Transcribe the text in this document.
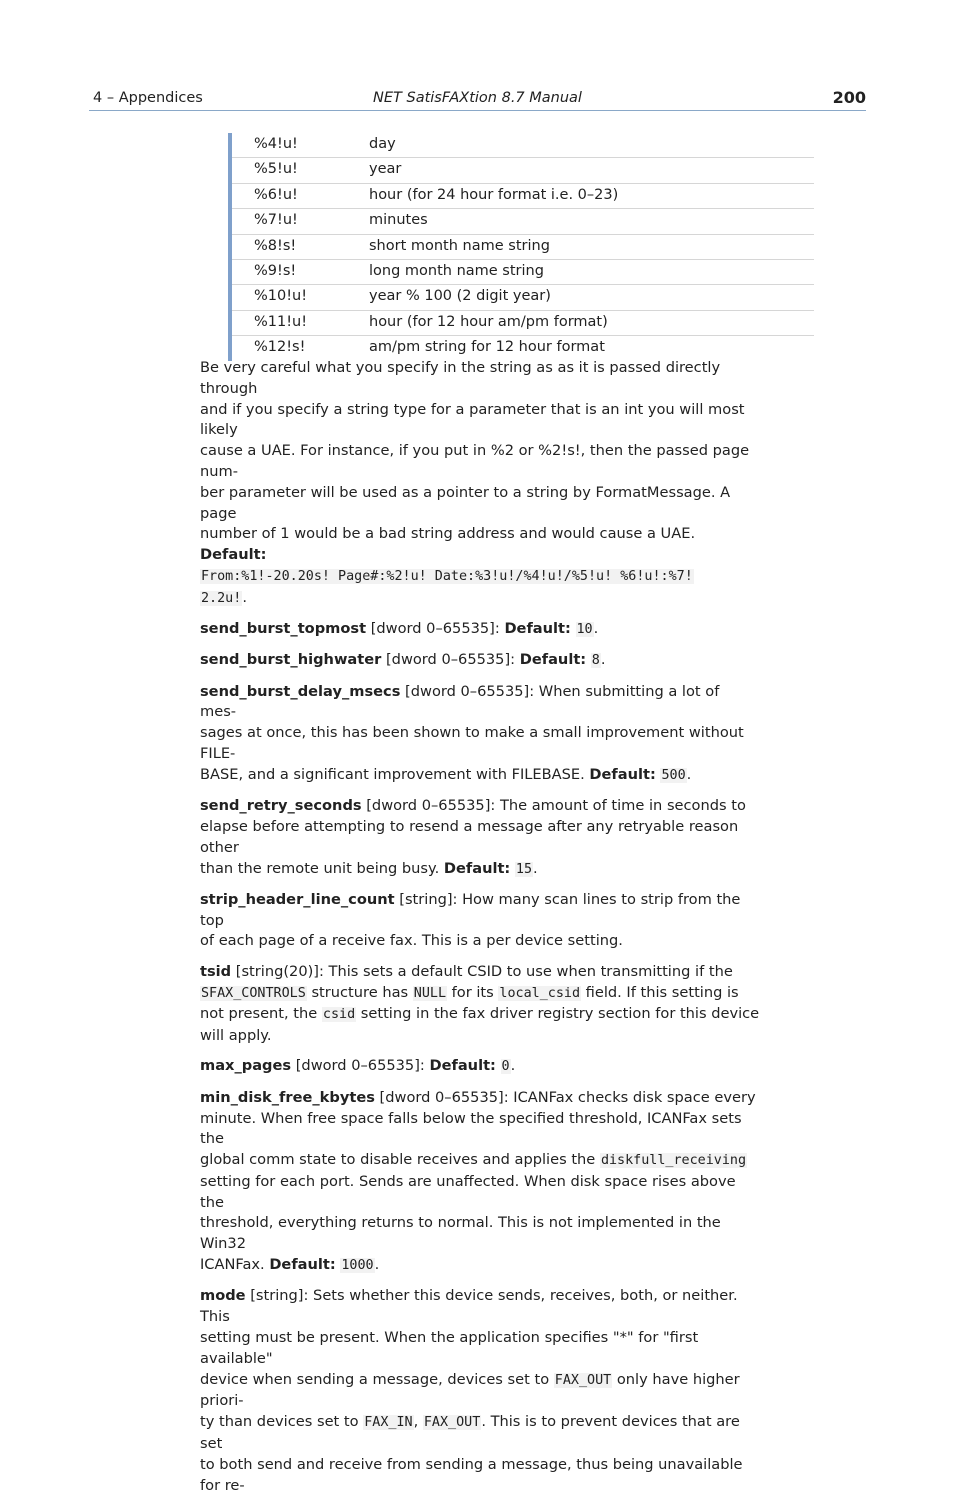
4 – Appendices	NET SatisFAXtion 8.7 Manual	200
%4!u!	day
%5!u!	year
%6!u!	hour (for 24 hour format i.e. 0–23)
%7!u!	minutes
%8!s!	short month name string
%9!s!	long month name string
%10!u!	year % 100 (2 digit year)
%11!u!	hour (for 12 hour am/pm format)
%12!s!	am/pm string for 12 hour format
Be very careful what you specify in the string as as it is passed directly through
and if you specify a string type for a parameter that is an int you will most likely
cause a UAE. For instance, if you put in %2 or %2!s!, then the passed page num-
ber parameter will be used as a pointer to a string by FormatMessage. A page
number of 1 would be a bad string address and would cause a UAE. Default:
From:%1!-20.20s! Page#:%2!u! Date:%3!u!/%4!u!/%5!u! %6!u!:%7!
2.2u!.
send_burst_topmost [dword 0–65535]: Default: 10.
send_burst_highwater [dword 0–65535]: Default: 8.
send_burst_delay_msecs [dword 0–65535]: When submitting a lot of mes-
sages at once, this has been shown to make a small improvement without FILE-
BASE, and a significant improvement with FILEBASE. Default: 500.
send_retry_seconds [dword 0–65535]: The amount of time in seconds to
elapse before attempting to resend a message after any retryable reason other
than the remote unit being busy. Default: 15.
strip_header_line_count [string]: How many scan lines to strip from the top
of each page of a receive fax. This is a per device setting.
tsid [string(20)]: This sets a default CSID to use when transmitting if the
SFAX_CONTROLS structure has NULL for its local_csid field. If this setting is
not present, the csid setting in the fax driver registry section for this device
will apply.
max_pages [dword 0–65535]: Default: 0.
min_disk_free_kbytes [dword 0–65535]: ICANFax checks disk space every
minute. When free space falls below the specified threshold, ICANFax sets the
global comm state to disable receives and applies the diskfull_receiving
setting for each port. Sends are unaffected. When disk space rises above the
threshold, everything returns to normal. This is not implemented in the Win32
ICANFax. Default: 1000.
mode [string]: Sets whether this device sends, receives, both, or neither. This
setting must be present. When the application specifies "*" for "first available"
device when sending a message, devices set to FAX_OUT only have higher priori-
ty than devices set to FAX_IN, FAX_OUT. This is to prevent devices that are set
to both send and receive from sending a message, thus being unavailable for re-
